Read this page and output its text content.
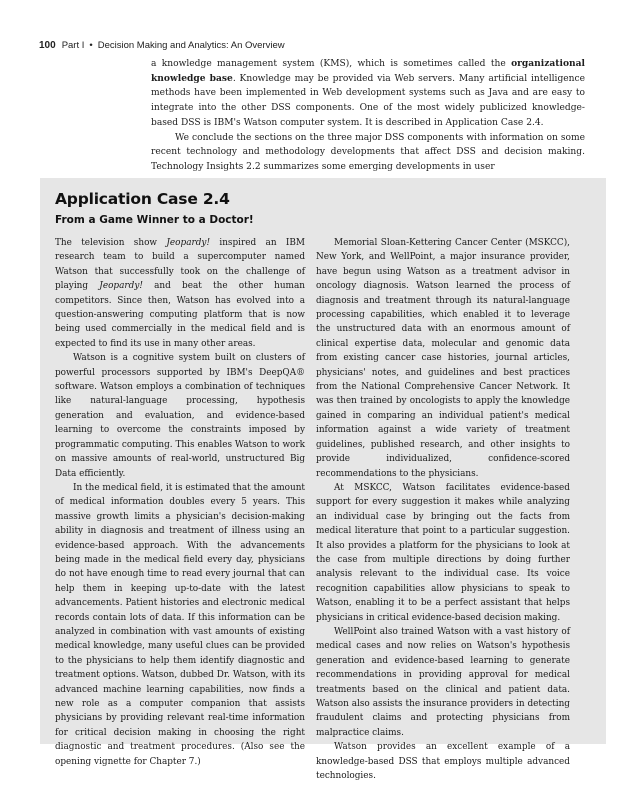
100 Part I • Decision Making and Analytics: An Overview

a knowledge management system (KMS), which is sometimes called the organizational knowledge base. Knowledge may be provided via Web servers. Many artificial intelligence methods have been implemented in Web development systems such as Java and are easy to integrate into the other DSS components. One of the most widely publicized knowledge-based DSS is IBM's Watson computer system. It is described in Application Case 2.4.

We conclude the sections on the three major DSS components with information on some recent technology and methodology developments that affect DSS and decision making. Technology Insights 2.2 summarizes some emerging developments in user

Application Case 2.4
From a Game Winner to a Doctor!

The television show Jeopardy! inspired an IBM research team to build a supercomputer named Watson that successfully took on the challenge of playing Jeopardy! and beat the other human competitors. Since then, Watson has evolved into a question-answering computing platform that is now being used commercially in the medical field and is expected to find its use in many other areas.

Watson is a cognitive system built on clusters of powerful processors supported by IBM's DeepQA® software. Watson employs a combination of techniques like natural-language processing, hypothesis generation and evaluation, and evidence-based learning to overcome the constraints imposed by programmatic computing. This enables Watson to work on massive amounts of real-world, unstructured Big Data efficiently.

In the medical field, it is estimated that the amount of medical information doubles every 5 years. This massive growth limits a physician's decision-making ability in diagnosis and treatment of illness using an evidence-based approach. With the advancements being made in the medical field every day, physicians do not have enough time to read every journal that can help them in keeping up-to-date with the latest advancements. Patient histories and electronic medical records contain lots of data. If this information can be analyzed in combination with vast amounts of existing medical knowledge, many useful clues can be provided to the physicians to help them identify diagnostic and treatment options. Watson, dubbed Dr. Watson, with its advanced machine learning capabilities, now finds a new role as a computer companion that assists physicians by providing relevant real-time information for critical decision making in choosing the right diagnostic and treatment procedures. (Also see the opening vignette for Chapter 7.)

Memorial Sloan-Kettering Cancer Center (MSKCC), New York, and WellPoint, a major insurance provider, have begun using Watson as a treatment advisor in oncology diagnosis. Watson learned the process of diagnosis and treatment through its natural-language processing capabilities, which enabled it to leverage the unstructured data with an enormous amount of clinical expertise data, molecular and genomic data from existing cancer case histories, journal articles, physicians' notes, and guidelines and best practices from the National Comprehensive Cancer Network. It was then trained by oncologists to apply the knowledge gained in comparing an individual patient's medical information against a wide variety of treatment guidelines, published research, and other insights to provide individualized, confidence-scored recommendations to the physicians.

At MSKCC, Watson facilitates evidence-based support for every suggestion it makes while analyzing an individual case by bringing out the facts from medical literature that point to a particular suggestion. It also provides a platform for the physicians to look at the case from multiple directions by doing further analysis relevant to the individual case. Its voice recognition capabilities allow physicians to speak to Watson, enabling it to be a perfect assistant that helps physicians in critical evidence-based decision making.

WellPoint also trained Watson with a vast history of medical cases and now relies on Watson's hypothesis generation and evidence-based learning to generate recommendations in providing approval for medical treatments based on the clinical and patient data. Watson also assists the insurance providers in detecting fraudulent claims and protecting physicians from malpractice claims.

Watson provides an excellent example of a knowledge-based DSS that employs multiple advanced technologies.
